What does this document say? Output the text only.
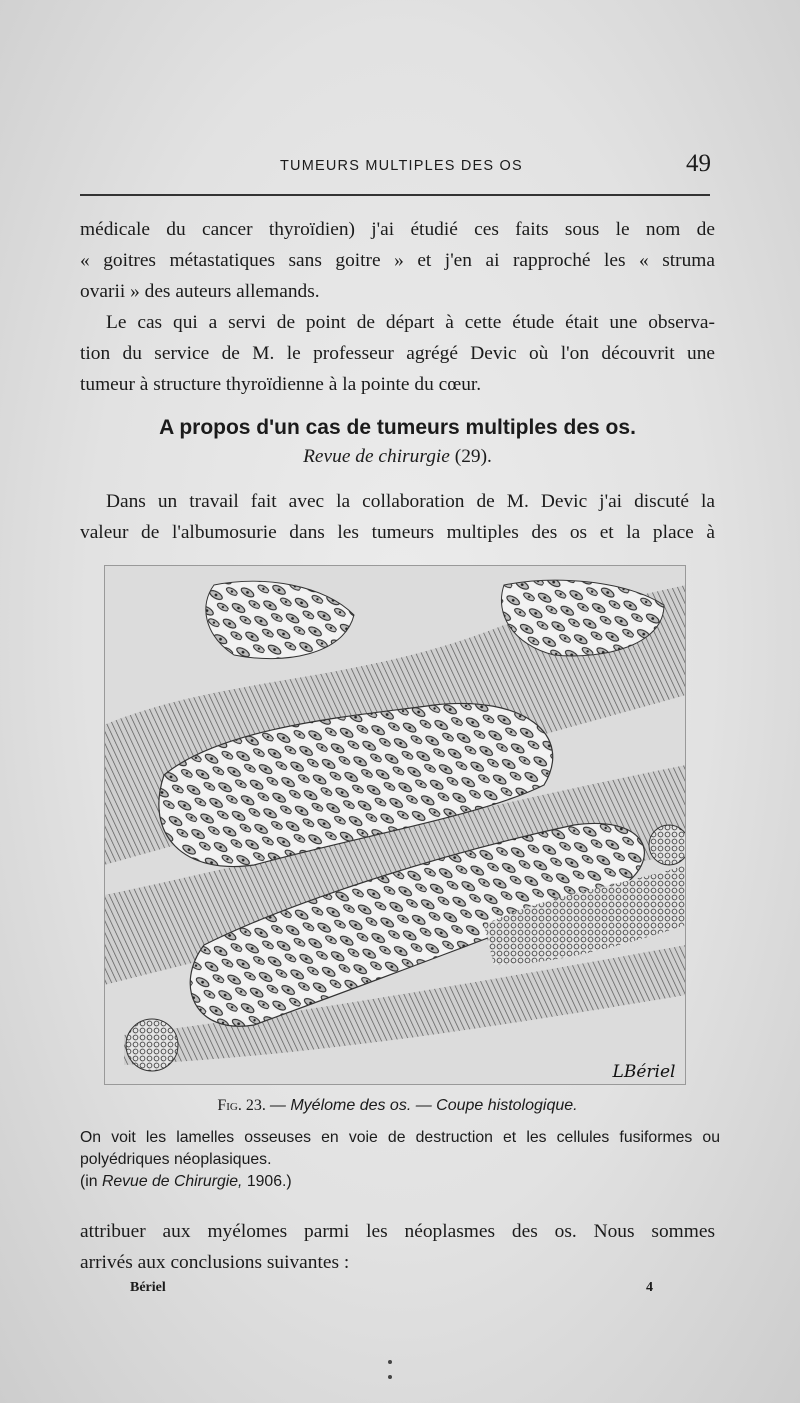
TUMEURS MULTIPLES DES OS	49
médicale du cancer thyroïdien) j'ai étudié ces faits sous le nom de
« goitres métastatiques sans goitre » et j'en ai rapproché les « struma
ovarii » des auteurs allemands.
Le cas qui a servi de point de départ à cette étude était une observa-
tion du service de M. le professeur agrégé Devic où l'on découvrit une
tumeur à structure thyroïdienne à la pointe du cœur.
A propos d'un cas de tumeurs multiples des os.
Revue de chirurgie (29).
Dans un travail fait avec la collaboration de M. Devic j'ai discuté la
valeur de l'albumosurie dans les tumeurs multiples des os et la place à
LBériel
Fig. 23. — Myélome des os. — Coupe histologique.
On voit les lamelles osseuses en voie de destruction et les cellules fusiformes ou
polyédriques néoplasiques.
(in Revue de Chirurgie, 1906.)
attribuer aux myélomes parmi les néoplasmes des os. Nous sommes
arrivés aux conclusions suivantes :
Bériel	4
